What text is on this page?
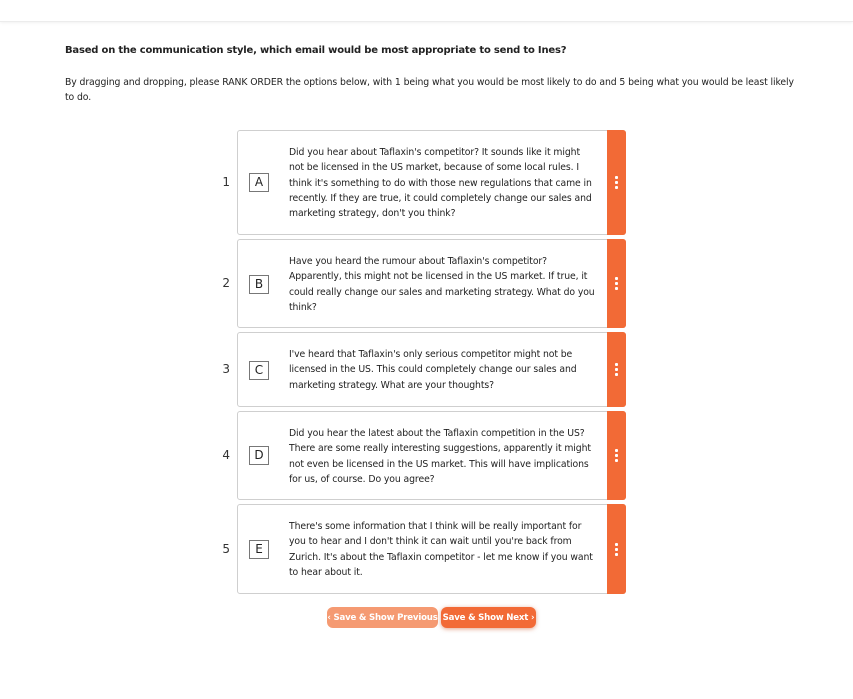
Based on the communication style, which email would be most appropriate to send to Ines?
By dragging and dropping, please RANK ORDER the options below, with 1 being what you would be most likely to do and 5 being what you would be least likely to do.
1	A
Did you hear about Taflaxin's competitor? It sounds like it might not be licensed in the US market, because of some local rules. I think it's something to do with those new regulations that came in recently. If they are true, it could completely change our sales and marketing strategy, don't you think?
2	B
Have you heard the rumour about Taflaxin's competitor? Apparently, this might not be licensed in the US market. If true, it could really change our sales and marketing strategy. What do you think?
3	C
I've heard that Taflaxin's only serious competitor might not be licensed in the US. This could completely change our sales and marketing strategy. What are your thoughts?
4	D
Did you hear the latest about the Taflaxin competition in the US? There are some really interesting suggestions, apparently it might not even be licensed in the US market. This will have implications for us, of course. Do you agree?
5	E
There's some information that I think will be really important for you to hear and I don't think it can wait until you're back from Zurich. It's about the Taflaxin competitor - let me know if you want to hear about it.
‹ Save & Show Previous Save & Show Next ›
